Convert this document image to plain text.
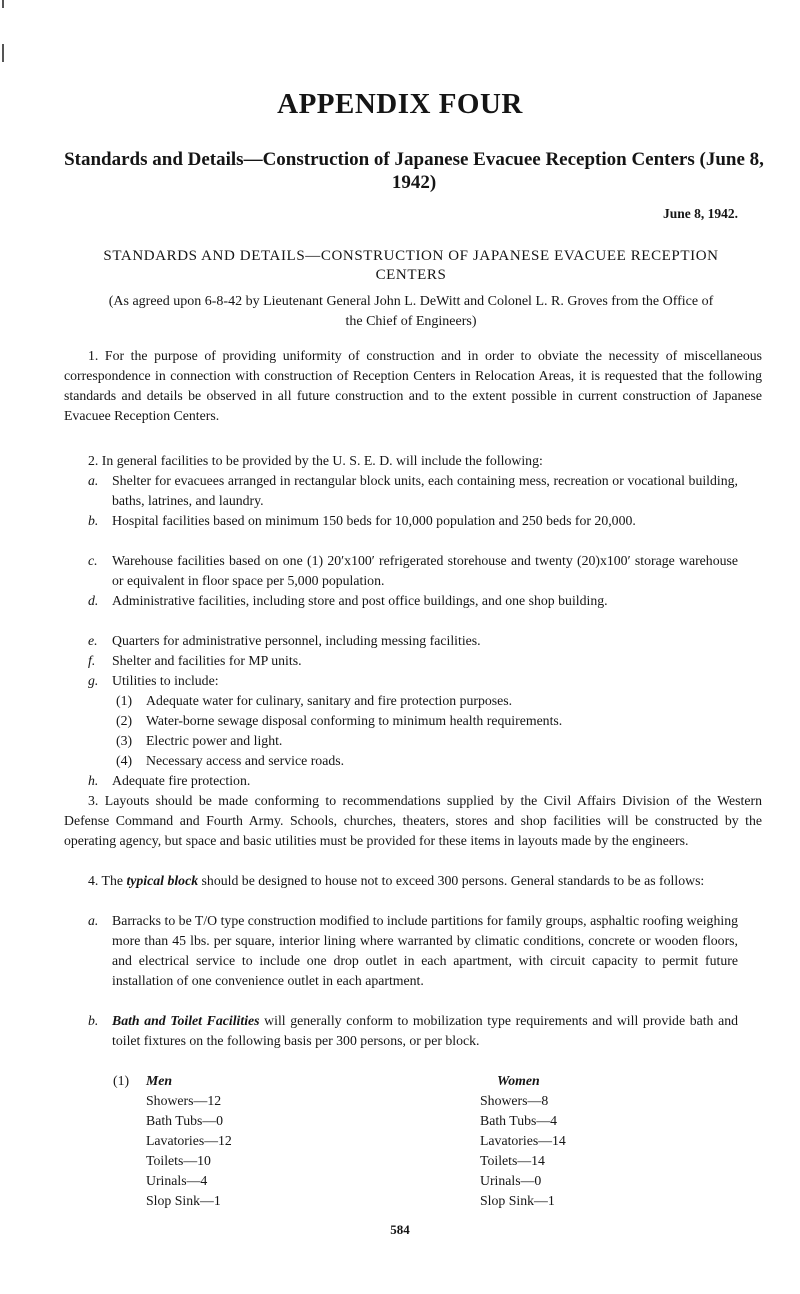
APPENDIX FOUR
Standards and Details—Construction of Japanese Evacuee Reception Centers (June 8, 1942)
June 8, 1942.
STANDARDS AND DETAILS—CONSTRUCTION OF JAPANESE EVACUEE RECEPTION CENTERS
(As agreed upon 6-8-42 by Lieutenant General John L. DeWitt and Colonel L. R. Groves from the Office of the Chief of Engineers)

1. For the purpose of providing uniformity of construction and in order to obviate the necessity of miscellaneous correspondence in connection with construction of Reception Centers in Relocation Areas, it is requested that the following standards and details be observed in all future construction and to the extent possible in current construction of Japanese Evacuee Reception Centers.

2. In general facilities to be provided by the U. S. E. D. will include the following:

a. Shelter for evacuees arranged in rectangular block units, each containing mess, recreation or vocational building, baths, latrines, and laundry.
b. Hospital facilities based on minimum 150 beds for 10,000 population and 250 beds for 20,000.
c. Warehouse facilities based on one (1) 20′x100′ refrigerated storehouse and twenty (20)x100′ storage warehouse or equivalent in floor space per 5,000 population.
d. Administrative facilities, including store and post office buildings, and one shop building.
e. Quarters for administrative personnel, including messing facilities.
f. Shelter and facilities for MP units.
g. Utilities to include:
(1) Adequate water for culinary, sanitary and fire protection purposes.
(2) Water-borne sewage disposal conforming to minimum health requirements.
(3) Electric power and light.
(4) Necessary access and service roads.
h. Adequate fire protection.

3. Layouts should be made conforming to recommendations supplied by the Civil Affairs Division of the Western Defense Command and Fourth Army. Schools, churches, theaters, stores and shop facilities will be constructed by the operating agency, but space and basic utilities must be provided for these items in layouts made by the engineers.

4. The typical block should be designed to house not to exceed 300 persons. General standards to be as follows:

a. Barracks to be T/O type construction modified to include partitions for family groups, asphaltic roofing weighing more than 45 lbs. per square, interior lining where warranted by climatic conditions, concrete or wooden floors, and electrical service to include one drop outlet in each apartment, with circuit capacity to permit future installation of one convenience outlet in each apartment.
b. Bath and Toilet Facilities will generally conform to mobilization type requirements and will provide bath and toilet fixtures on the following basis per 300 persons, or per block.
(1) Men
Showers—12
Bath Tubs—0
Lavatories—12
Toilets—10
Urinals—4
Slop Sink—1
Women
Showers—8
Bath Tubs—4
Lavatories—14
Toilets—14
Urinals—0
Slop Sink—1
584
